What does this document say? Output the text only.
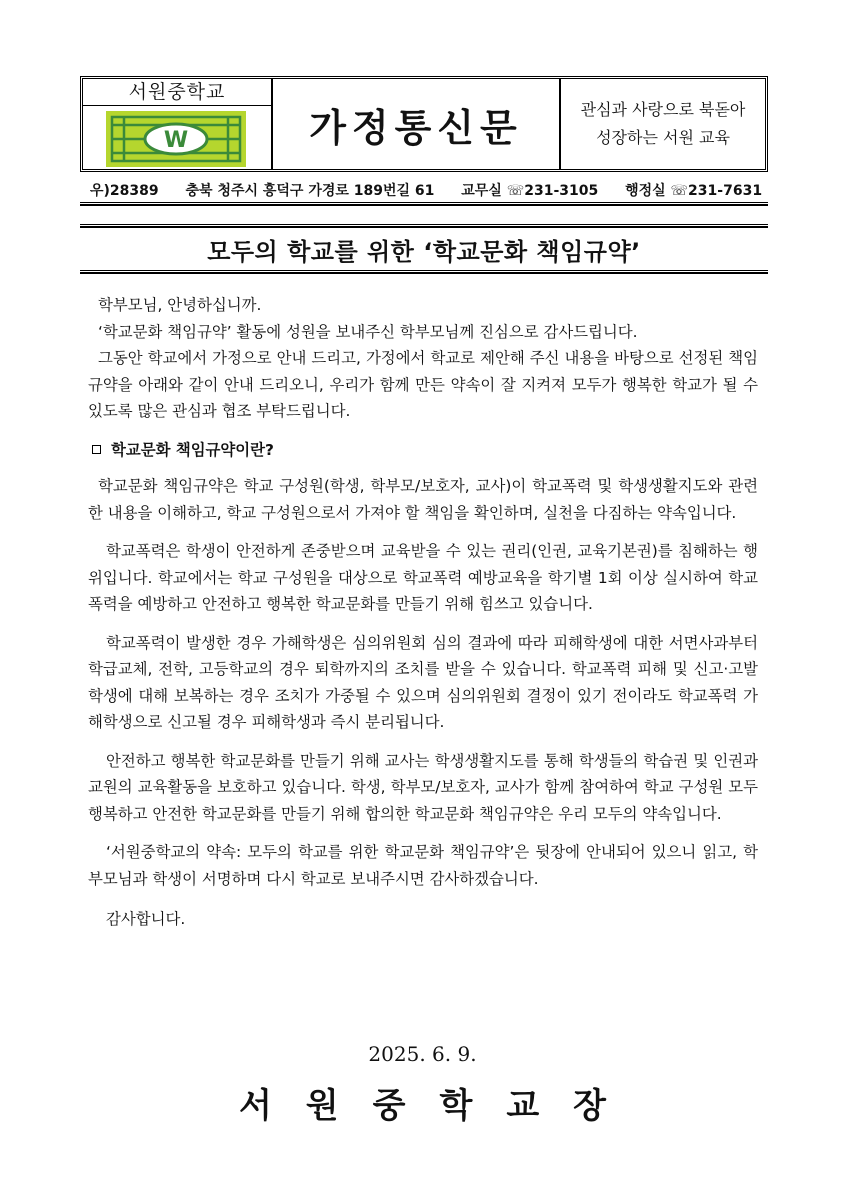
서원중학교
W	가정통신문	관심과 사랑으로 북돋아
성장하는 서원 교육
우)28389 충북 청주시 흥덕구 가경로 189번길 61 교무실 ☏231-3105 행정실 ☏231-7631
모두의 학교를 위한 ‘학교문화 책임규약’

학부모님, 안녕하십니까.

‘학교문화 책임규약’ 활동에 성원을 보내주신 학부모님께 진심으로 감사드립니다.

그동안 학교에서 가정으로 안내 드리고, 가정에서 학교로 제안해 주신 내용을 바탕으로 선정된 책임규약을 아래와 같이 안내 드리오니, 우리가 함께 만든 약속이 잘 지켜져 모두가 행복한 학교가 될 수 있도록 많은 관심과 협조 부탁드립니다.

학교문화 책임규약이란?

학교문화 책임규약은 학교 구성원(학생, 학부모/보호자, 교사)이 학교폭력 및 학생생활지도와 관련한 내용을 이해하고, 학교 구성원으로서 가져야 할 책임을 확인하며, 실천을 다짐하는 약속입니다.

학교폭력은 학생이 안전하게 존중받으며 교육받을 수 있는 권리(인권, 교육기본권)를 침해하는 행위입니다. 학교에서는 학교 구성원을 대상으로 학교폭력 예방교육을 학기별 1회 이상 실시하여 학교폭력을 예방하고 안전하고 행복한 학교문화를 만들기 위해 힘쓰고 있습니다.

학교폭력이 발생한 경우 가해학생은 심의위원회 심의 결과에 따라 피해학생에 대한 서면사과부터 학급교체, 전학, 고등학교의 경우 퇴학까지의 조치를 받을 수 있습니다. 학교폭력 피해 및 신고·고발 학생에 대해 보복하는 경우 조치가 가중될 수 있으며 심의위원회 결정이 있기 전이라도 학교폭력 가해학생으로 신고될 경우 피해학생과 즉시 분리됩니다.

안전하고 행복한 학교문화를 만들기 위해 교사는 학생생활지도를 통해 학생들의 학습권 및 인권과 교원의 교육활동을 보호하고 있습니다. 학생, 학부모/보호자, 교사가 함께 참여하여 학교 구성원 모두 행복하고 안전한 학교문화를 만들기 위해 합의한 학교문화 책임규약은 우리 모두의 약속입니다.

‘서원중학교의 약속: 모두의 학교를 위한 학교문화 책임규약’은 뒷장에 안내되어 있으니 읽고, 학부모님과 학생이 서명하며 다시 학교로 보내주시면 감사하겠습니다.

감사합니다.

2025. 6. 9.
서원중학교장
